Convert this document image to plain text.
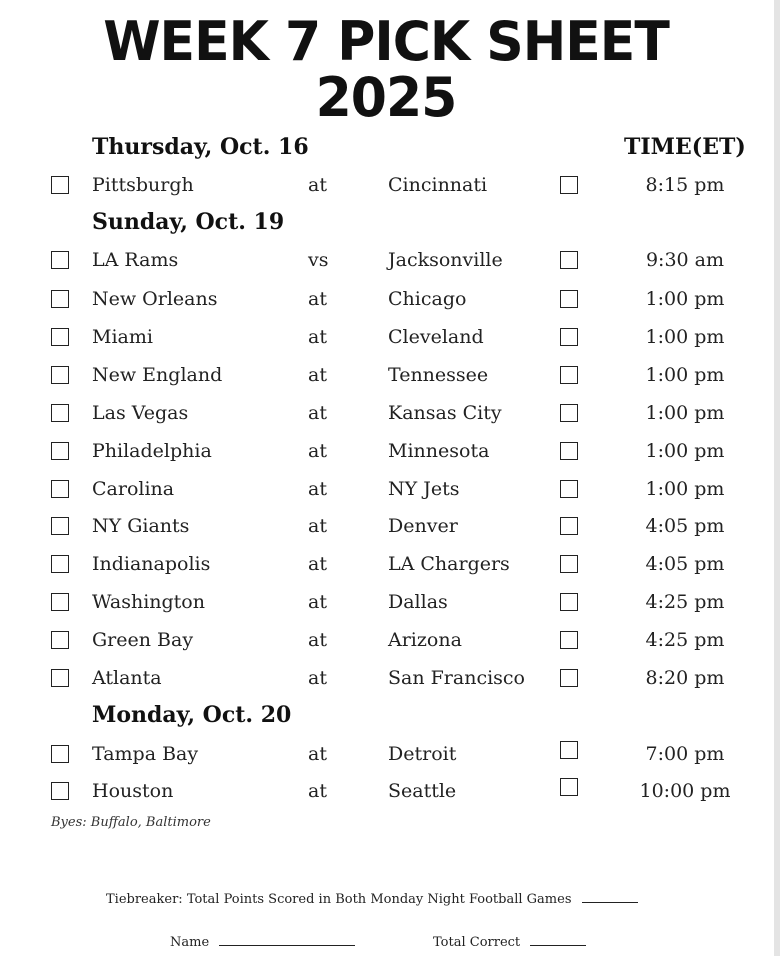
WEEK 7 PICK SHEET
2025
TIME(ET)
Thursday, Oct. 16
Pittsburgh	at	Cincinnati	8:15 pm
Sunday, Oct. 19
LA Rams	vs	Jacksonville	9:30 am
New Orleans	at	Chicago	1:00 pm
Miami	at	Cleveland	1:00 pm
New England	at	Tennessee	1:00 pm
Las Vegas	at	Kansas City	1:00 pm
Philadelphia	at	Minnesota	1:00 pm
Carolina	at	NY Jets	1:00 pm
NY Giants	at	Denver	4:05 pm
Indianapolis	at	LA Chargers	4:05 pm
Washington	at	Dallas	4:25 pm
Green Bay	at	Arizona	4:25 pm
Atlanta	at	San Francisco	8:20 pm
Monday, Oct. 20
Tampa Bay	at	Detroit	7:00 pm
Houston	at	Seattle	10:00 pm
Byes: Buffalo, Baltimore
Tiebreaker: Total Points Scored in Both Monday Night Football Games
Name	Total Correct
